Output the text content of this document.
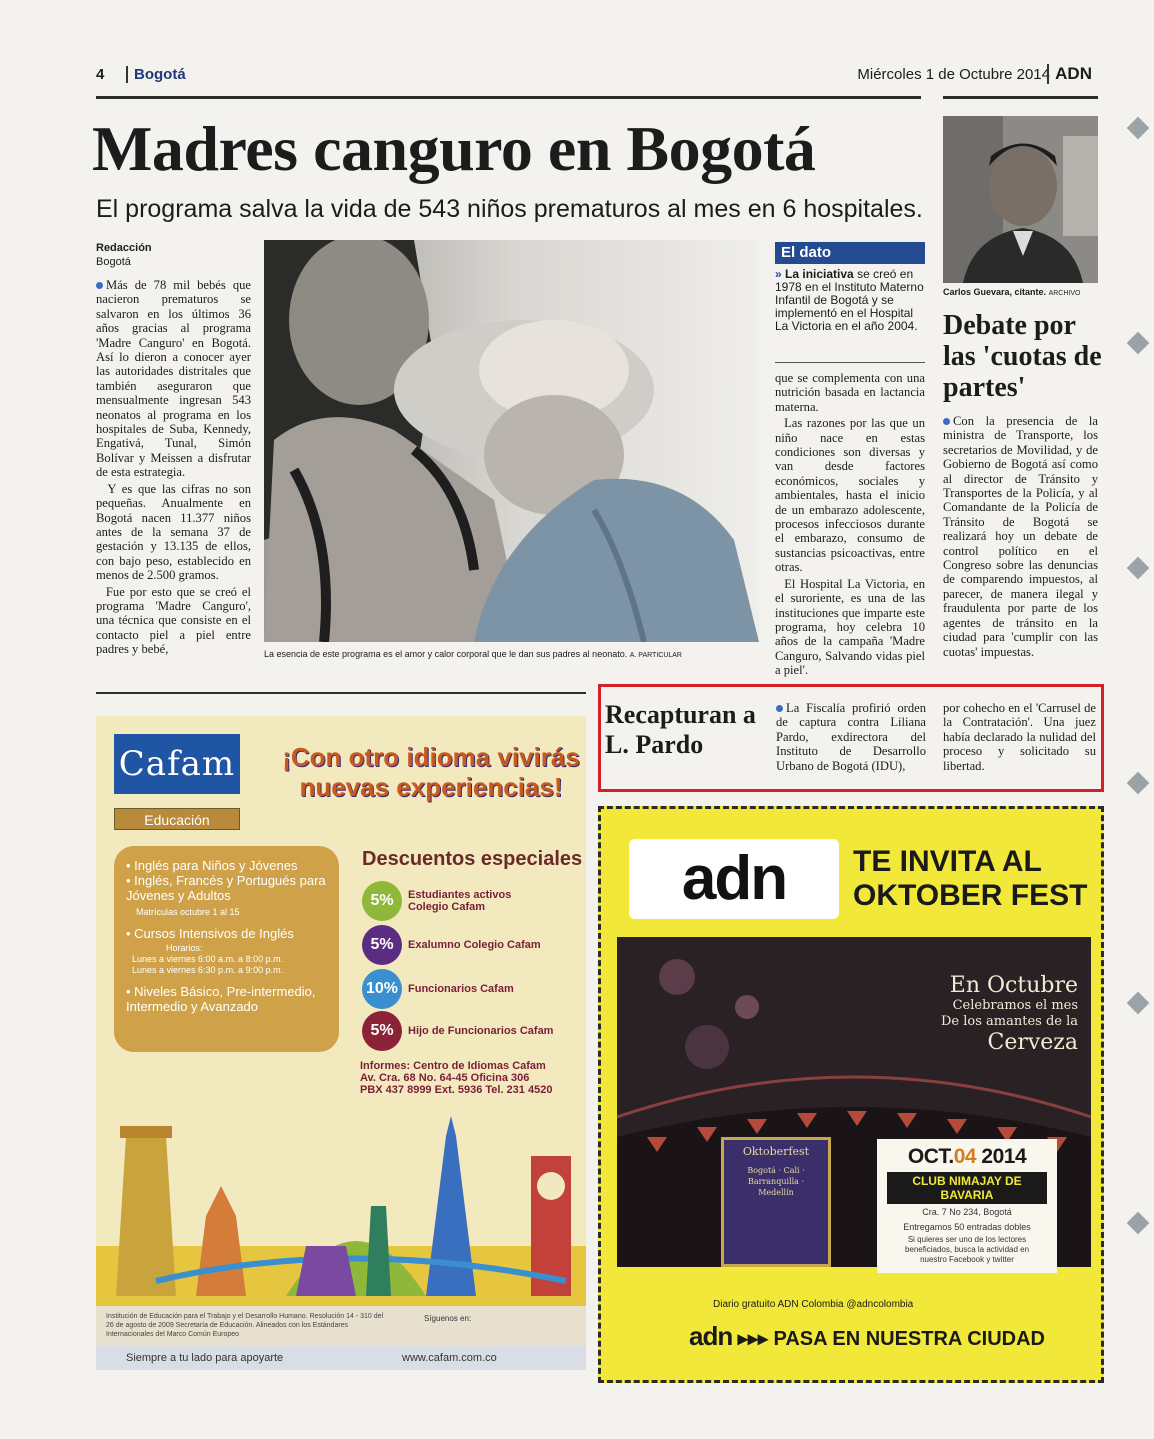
4	Bogotá	Miércoles 1 de Octubre 2014 ADN
Madres canguro en Bogotá
El programa salva la vida de 543 niños prematuros al mes en 6 hospitales.
Redacción
Bogotá

Más de 78 mil bebés que nacieron prematuros se salvaron en los últimos 36 años gracias al programa 'Madre Canguro' en Bogotá. Así lo dieron a conocer ayer las autoridades distritales que también aseguraron que mensualmente ingresan 543 neonatos al programa en los hospitales de Suba, Kennedy, Engativá, Tunal, Simón Bolívar y Meissen a disfrutar de esta estrategia.

Y es que las cifras no son pequeñas. Anualmente en Bogotá nacen 11.377 niños antes de la semana 37 de gestación y 13.135 de ellos, con bajo peso, establecido en menos de 2.500 gramos.

Fue por esto que se creó el programa 'Madre Canguro', una técnica que consiste en el contacto piel a piel entre padres y bebé,	La esencia de este programa es el amor y calor corporal que le dan sus padres al neonato. A. PARTICULAR
El dato
» La iniciativa se creó en 1978 en el Instituto Materno Infantil de Bogotá y se implementó en el Hospital La Victoria en el año 2004.

que se complementa con una nutrición basada en lactancia materna.

Las razones por las que un niño nace en estas condiciones son diversas y van desde factores económicos, sociales y ambientales, hasta el inicio de un embarazo adolescente, procesos infecciosos durante el embarazo, consumo de sustancias psicoactivas, entre otras.

El Hospital La Victoria, en el suroriente, es una de las instituciones que imparte este programa, hoy celebra 10 años de la campaña 'Madre Canguro, Salvando vidas piel a piel'.

Carlos Guevara, citante. ARCHIVO
Debate por las 'cuotas de partes'

Con la presencia de la ministra de Transporte, los secretarios de Movilidad, y de Gobierno de Bogotá así como al director de Tránsito y Transportes de la Policía, y al Comandante de la Policía de Tránsito de Bogotá se realizará hoy un debate de control político en el Congreso sobre las denuncias de comparendo impuestos, al parecer, de manera ilegal y fraudulenta por parte de los agentes de tránsito en la ciudad para 'cumplir con las cuotas' impuestas.

Recapturan a L. Pardo

La Fiscalía profirió orden de captura contra Liliana Pardo, exdirectora del Instituto de Desarrollo Urbano de Bogotá (IDU),

por cohecho en el 'Carrusel de la Contratación'. Una juez había declarado la nulidad del proceso y solicitado su libertad.

Cafam
Educación
¡Con otro idioma vivirás nuevas experiencias!
• Inglés para Niños y Jóvenes
• Inglés, Francés y Portugués para Jóvenes y Adultos
Matrículas octubre 1 al 15
• Cursos Intensivos de Inglés
Horarios:
Lunes a viernes 6:00 a.m. a 8:00 p.m.
Lunes a viernes 6:30 p.m. a 9:00 p.m.
• Niveles Básico, Pre-intermedio, Intermedio y Avanzado
Descuentos especiales
5%	Estudiantes activos Colegio Cafam
5%	Exalumno Colegio Cafam
10% Funcionarios Cafam
5%	Hijo de Funcionarios Cafam
Informes: Centro de Idiomas Cafam
Av. Cra. 68 No. 64-45 Oficina 306
PBX 437 8999 Ext. 5936 Tel. 231 4520
Institución de Educación para el Trabajo y el Desarrollo Humano. Resolución 14 - 310 del 26 de agosto de 2009 Secretaría de Educación. Alineados con los Estándares Internacionales del Marco Común Europeo
Síguenos en:
Siempre a tu lado para apoyarte	www.cafam.com.co
adn	TE INVITA AL
OKTOBER FEST
En Octubre
Celebramos el mes
De los amantes de la
Cerveza
Oktoberfest
Bogotá · Cali · Barranquilla · Medellín
OCT.04 2014
CLUB NIMAJAY DE BAVARIA
Cra. 7 No 234, Bogotá
Entregamos 50 entradas dobles
Si quieres ser uno de los lectores beneficiados, busca la actividad en nuestro Facebook y twitter
Diario gratuito ADN Colombia @adncolombia
adn ▸▸▸ PASA EN NUESTRA CIUDAD
